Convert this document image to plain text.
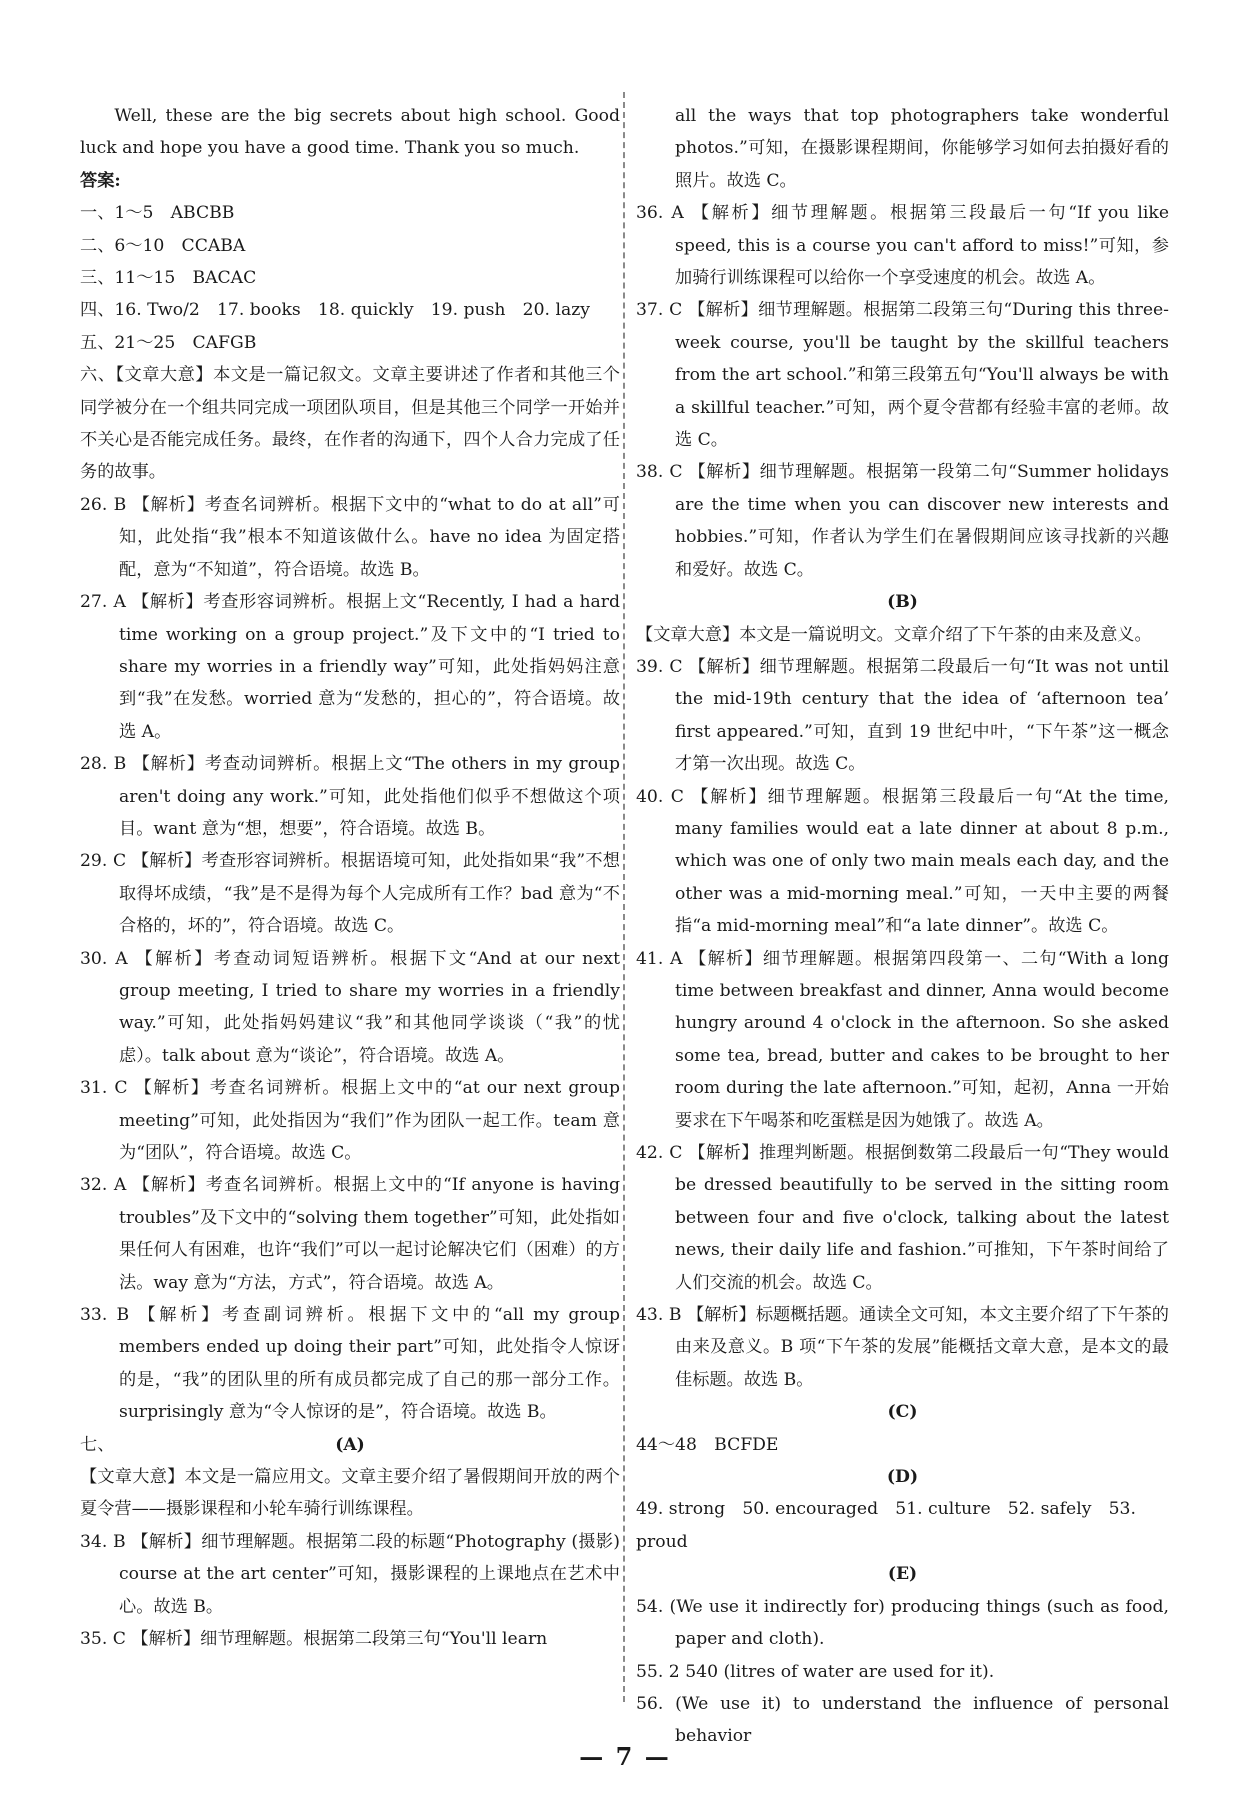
Well, these are the big secrets about high school. Good luck and hope you have a good time. Thank you so much.

答案:

一、1～5　ABCBB

二、6～10　CCABA

三、11～15　BACAC

四、16. Two/2　17. books　18. quickly　19. push　20. lazy

五、21～25　CAFGB

六、【文章大意】本文是一篇记叙文。文章主要讲述了作者和其他三个同学被分在一个组共同完成一项团队项目，但是其他三个同学一开始并不关心是否能完成任务。最终，在作者的沟通下，四个人合力完成了任务的故事。

26. B 【解析】考查名词辨析。根据下文中的“what to do at all”可知，此处指“我”根本不知道该做什么。have no idea 为固定搭配，意为“不知道”，符合语境。故选 B。

27. A 【解析】考查形容词辨析。根据上文“Recently, I had a hard time working on a group project.”及下文中的“I tried to share my worries in a friendly way”可知，此处指妈妈注意到“我”在发愁。worried 意为“发愁的，担心的”，符合语境。故选 A。

28. B 【解析】考查动词辨析。根据上文“The others in my group aren't doing any work.”可知，此处指他们似乎不想做这个项目。want 意为“想，想要”，符合语境。故选 B。

29. C 【解析】考查形容词辨析。根据语境可知，此处指如果“我”不想取得坏成绩，“我”是不是得为每个人完成所有工作？bad 意为“不合格的，坏的”，符合语境。故选 C。

30. A 【解析】考查动词短语辨析。根据下文“And at our next group meeting, I tried to share my worries in a friendly way.”可知，此处指妈妈建议“我”和其他同学谈谈（“我”的忧虑）。talk about 意为“谈论”，符合语境。故选 A。

31. C 【解析】考查名词辨析。根据上文中的“at our next group meeting”可知，此处指因为“我们”作为团队一起工作。team 意为“团队”，符合语境。故选 C。

32. A 【解析】考查名词辨析。根据上文中的“If anyone is having troubles”及下文中的“solving them together”可知，此处指如果任何人有困难，也许“我们”可以一起讨论解决它们（困难）的方法。way 意为“方法，方式”，符合语境。故选 A。

33. B 【解析】考查副词辨析。根据下文中的“all my group members ended up doing their part”可知，此处指令人惊讶的是，“我”的团队里的所有成员都完成了自己的那一部分工作。surprisingly 意为“令人惊讶的是”，符合语境。故选 B。

七、	(A)

【文章大意】本文是一篇应用文。文章主要介绍了暑假期间开放的两个夏令营——摄影课程和小轮车骑行训练课程。

34. B 【解析】细节理解题。根据第二段的标题“Photography (摄影) course at the art center”可知，摄影课程的上课地点在艺术中心。故选 B。

35. C 【解析】细节理解题。根据第二段第三句“You'll learn

all the ways that top photographers take wonderful photos.”可知，在摄影课程期间，你能够学习如何去拍摄好看的照片。故选 C。

36. A 【解析】细节理解题。根据第三段最后一句“If you like speed, this is a course you can't afford to miss!”可知，参加骑行训练课程可以给你一个享受速度的机会。故选 A。

37. C 【解析】细节理解题。根据第二段第三句“During this three-week course, you'll be taught by the skillful teachers from the art school.”和第三段第五句“You'll always be with a skillful teacher.”可知，两个夏令营都有经验丰富的老师。故选 C。

38. C 【解析】细节理解题。根据第一段第二句“Summer holidays are the time when you can discover new interests and hobbies.”可知，作者认为学生们在暑假期间应该寻找新的兴趣和爱好。故选 C。

(B)

【文章大意】本文是一篇说明文。文章介绍了下午茶的由来及意义。

39. C 【解析】细节理解题。根据第二段最后一句“It was not until the mid-19th century that the idea of ‘afternoon tea’ first appeared.”可知，直到 19 世纪中叶，“下午茶”这一概念才第一次出现。故选 C。

40. C 【解析】细节理解题。根据第三段最后一句“At the time, many families would eat a late dinner at about 8 p.m., which was one of only two main meals each day, and the other was a mid-morning meal.”可知，一天中主要的两餐指“a mid-morning meal”和“a late dinner”。故选 C。

41. A 【解析】细节理解题。根据第四段第一、二句“With a long time between breakfast and dinner, Anna would become hungry around 4 o'clock in the afternoon. So she asked some tea, bread, butter and cakes to be brought to her room during the late afternoon.”可知，起初，Anna 一开始要求在下午喝茶和吃蛋糕是因为她饿了。故选 A。

42. C 【解析】推理判断题。根据倒数第二段最后一句“They would be dressed beautifully to be served in the sitting room between four and five o'clock, talking about the latest news, their daily life and fashion.”可推知，下午茶时间给了人们交流的机会。故选 C。

43. B 【解析】标题概括题。通读全文可知，本文主要介绍了下午茶的由来及意义。B 项“下午茶的发展”能概括文章大意，是本文的最佳标题。故选 B。

(C)

44～48　BCFDE

(D)

49. strong　50. encouraged　51. culture　52. safely　53. proud

(E)

54. (We use it indirectly for) producing things (such as food, paper and cloth).

55. 2 540 (litres of water are used for it).

56. (We use it) to understand the influence of personal behavior

— 7 —
